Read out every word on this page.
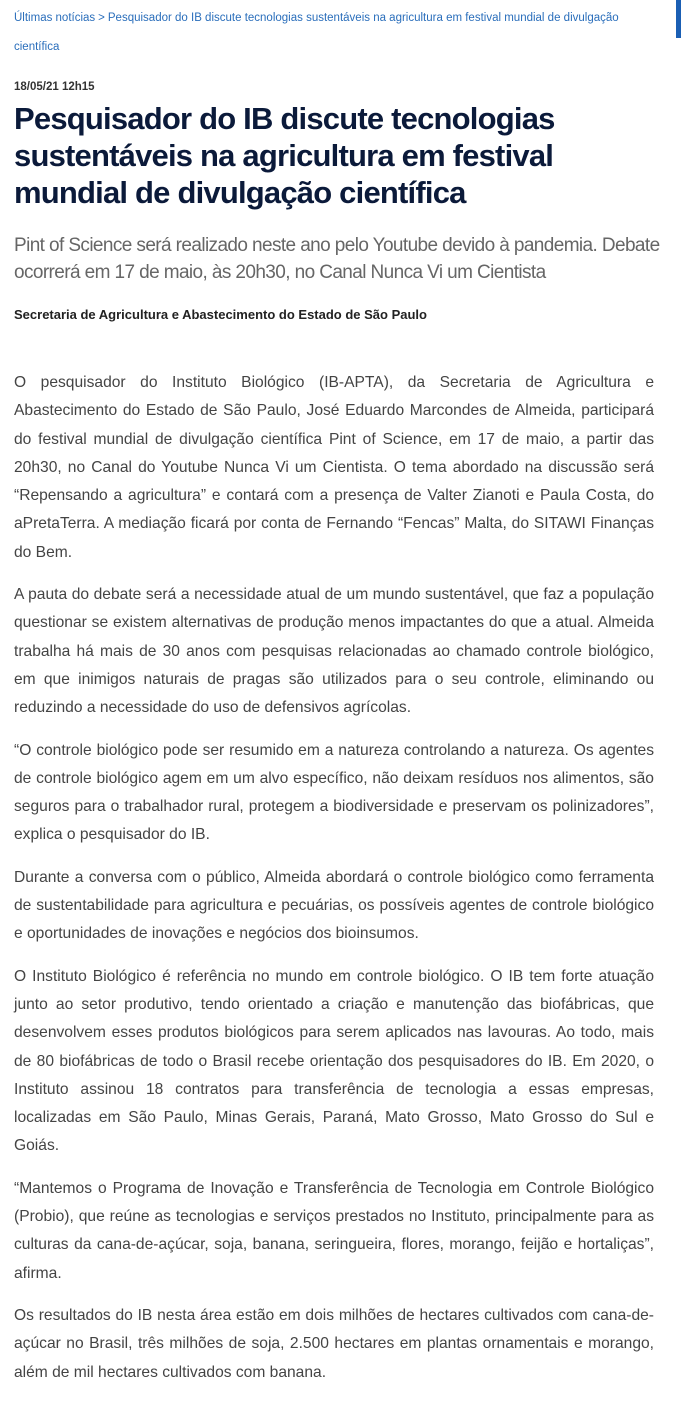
Últimas notícias > Pesquisador do IB discute tecnologias sustentáveis na agricultura em festival mundial de divulgação científica
18/05/21 12h15
Pesquisador do IB discute tecnologias sustentáveis na agricultura em festival mundial de divulgação científica

Pint of Science será realizado neste ano pelo Youtube devido à pandemia. Debate ocorrerá em 17 de maio, às 20h30, no Canal Nunca Vi um Cientista

Secretaria de Agricultura e Abastecimento do Estado de São Paulo

O pesquisador do Instituto Biológico (IB-APTA), da Secretaria de Agricultura e Abastecimento do Estado de São Paulo, José Eduardo Marcondes de Almeida, participará do festival mundial de divulgação científica Pint of Science, em 17 de maio, a partir das 20h30, no Canal do Youtube Nunca Vi um Cientista. O tema abordado na discussão será “Repensando a agricultura” e contará com a presença de Valter Zianoti e Paula Costa, do aPretaTerra. A mediação ficará por conta de Fernando “Fencas” Malta, do SITAWI Finanças do Bem.

A pauta do debate será a necessidade atual de um mundo sustentável, que faz a população questionar se existem alternativas de produção menos impactantes do que a atual. Almeida trabalha há mais de 30 anos com pesquisas relacionadas ao chamado controle biológico, em que inimigos naturais de pragas são utilizados para o seu controle, eliminando ou reduzindo a necessidade do uso de defensivos agrícolas.

“O controle biológico pode ser resumido em a natureza controlando a natureza. Os agentes de controle biológico agem em um alvo específico, não deixam resíduos nos alimentos, são seguros para o trabalhador rural, protegem a biodiversidade e preservam os polinizadores”, explica o pesquisador do IB.

Durante a conversa com o público, Almeida abordará o controle biológico como ferramenta de sustentabilidade para agricultura e pecuárias, os possíveis agentes de controle biológico e oportunidades de inovações e negócios dos bioinsumos.

O Instituto Biológico é referência no mundo em controle biológico. O IB tem forte atuação junto ao setor produtivo, tendo orientado a criação e manutenção das biofábricas, que desenvolvem esses produtos biológicos para serem aplicados nas lavouras. Ao todo, mais de 80 biofábricas de todo o Brasil recebe orientação dos pesquisadores do IB. Em 2020, o Instituto assinou 18 contratos para transferência de tecnologia a essas empresas, localizadas em São Paulo, Minas Gerais, Paraná, Mato Grosso, Mato Grosso do Sul e Goiás.

“Mantemos o Programa de Inovação e Transferência de Tecnologia em Controle Biológico (Probio), que reúne as tecnologias e serviços prestados no Instituto, principalmente para as culturas da cana-de-açúcar, soja, banana, seringueira, flores, morango, feijão e hortaliças”, afirma.

Os resultados do IB nesta área estão em dois milhões de hectares cultivados com cana-de-açúcar no Brasil, três milhões de soja, 2.500 hectares em plantas ornamentais e morango, além de mil hectares cultivados com banana.
